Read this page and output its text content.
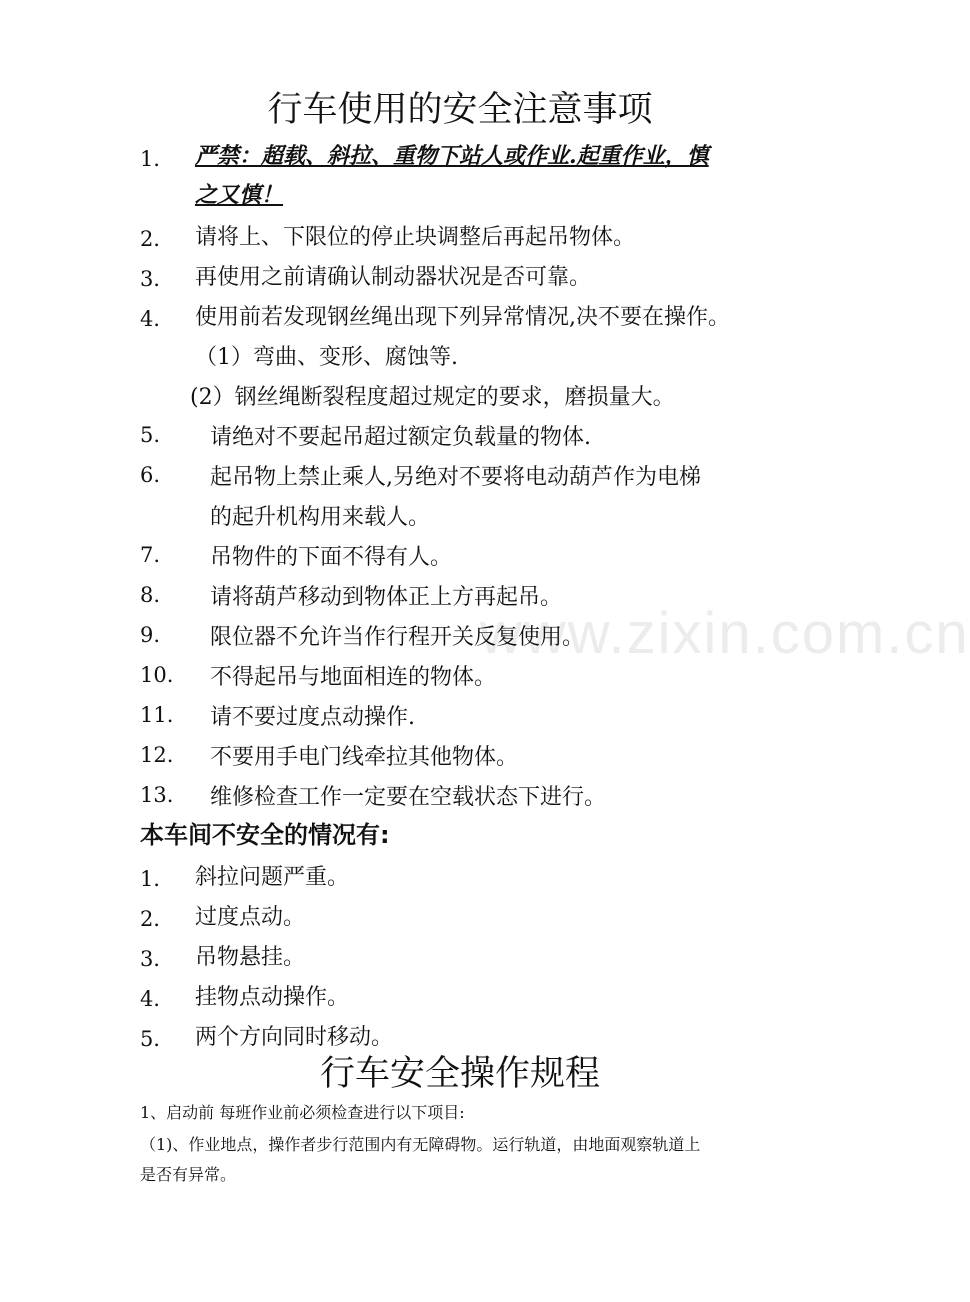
www.zixin.com.cn
行车使用的安全注意事项
1． 严禁：超载、斜拉、重物下站人或作业.起重作业，慎
之又慎！
2． 请将上、下限位的停止块调整后再起吊物体。
3． 再使用之前请确认制动器状况是否可靠。
4． 使用前若发现钢丝绳出现下列异常情况,决不要在操作。
（1）弯曲、变形、腐蚀等.
(2）钢丝绳断裂程度超过规定的要求，磨损量大。
5. 请绝对不要起吊超过额定负载量的物体.
6. 起吊物上禁止乘人,另绝对不要将电动葫芦作为电梯
的起升机构用来载人。
7. 吊物件的下面不得有人。
8. 请将葫芦移动到物体正上方再起吊。
9. 限位器不允许当作行程开关反复使用。
10. 不得起吊与地面相连的物体。
11. 请不要过度点动操作.
12. 不要用手电门线牵拉其他物体。
13. 维修检查工作一定要在空载状态下进行。
本车间不安全的情况有:
1． 斜拉问题严重。
2． 过度点动。
3． 吊物悬挂。
4． 挂物点动操作。
5． 两个方向同时移动。
行车安全操作规程
1、启动前 每班作业前必须检查进行以下项目:
（1)、作业地点，操作者步行范围内有无障碍物。运行轨道，由地面观察轨道上
是否有异常。
